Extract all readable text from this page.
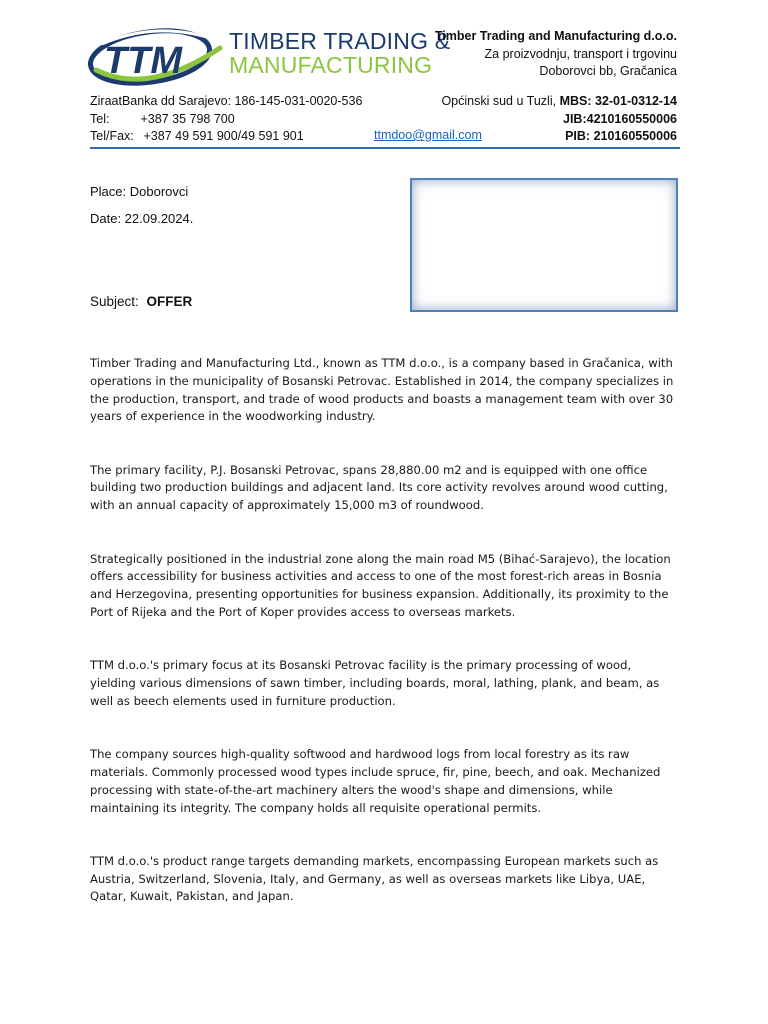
TTM TIMBER TRADING &
MANUFACTURING
Timber Trading and Manufacturing d.o.o.
Za proizvodnju, transport i trgovinu
Doborovci bb, Gračanica
ZiraatBanka dd Sarajevo: 186-145-031-0020-536
Tel: +387 35 798 700
Tel/Fax: +387 49 591 900/49 591 901	ttmdoo@gmail.com
Općinski sud u Tuzli, MBS: 32-01-0312-14
JIB:4210160550006
PIB: 210160550006
Place: Doborovci
Date: 22.09.2024.
Subject: OFFER

Timber Trading and Manufacturing Ltd., known as TTM d.o.o., is a company based in Gračanica, with operations in the municipality of Bosanski Petrovac. Established in 2014, the company specializes in the production, transport, and trade of wood products and boasts a management team with over 30 years of experience in the woodworking industry.

The primary facility, P.J. Bosanski Petrovac, spans 28,880.00 m2 and is equipped with one office building two production buildings and adjacent land. Its core activity revolves around wood cutting, with an annual capacity of approximately 15,000 m3 of roundwood.

Strategically positioned in the industrial zone along the main road M5 (Bihać-Sarajevo), the location offers accessibility for business activities and access to one of the most forest-rich areas in Bosnia and Herzegovina, presenting opportunities for business expansion. Additionally, its proximity to the Port of Rijeka and the Port of Koper provides access to overseas markets.

TTM d.o.o.'s primary focus at its Bosanski Petrovac facility is the primary processing of wood, yielding various dimensions of sawn timber, including boards, moral, lathing, plank, and beam, as well as beech elements used in furniture production.

The company sources high-quality softwood and hardwood logs from local forestry as its raw materials. Commonly processed wood types include spruce, fir, pine, beech, and oak. Mechanized processing with state-of-the-art machinery alters the wood's shape and dimensions, while maintaining its integrity. The company holds all requisite operational permits.

TTM d.o.o.'s product range targets demanding markets, encompassing European markets such as Austria, Switzerland, Slovenia, Italy, and Germany, as well as overseas markets like Libya, UAE, Qatar, Kuwait, Pakistan, and Japan.
